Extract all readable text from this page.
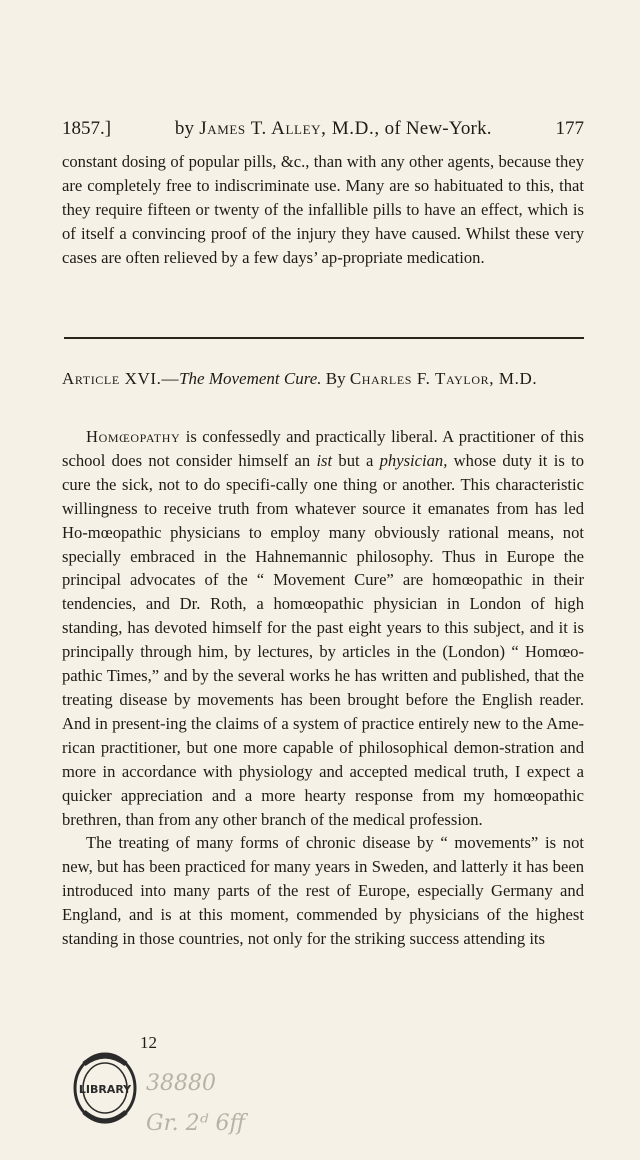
1857.]	by James T. Alley, M.D., of New-York.	177

constant dosing of popular pills, &c., than with any other agents, because they are completely free to indiscriminate use. Many are so habituated to this, that they require fifteen or twenty of the infallible pills to have an effect, which is of itself a convincing proof of the injury they have caused. Whilst these very cases are often relieved by a few days’ ap-propriate medication.

Article XVI.—The Movement Cure. By Charles F. Taylor, M.D.

Homœopathy is confessedly and practically liberal. A practitioner of this school does not consider himself an ist but a physician, whose duty it is to cure the sick, not to do specifi-cally one thing or another. This characteristic willingness to receive truth from whatever source it emanates from has led Ho-mœopathic physicians to employ many obviously rational means, not specially embraced in the Hahnemannic philosophy. Thus in Europe the principal advocates of the “ Movement Cure” are homœopathic in their tendencies, and Dr. Roth, a homœopathic physician in London of high standing, has devoted himself for the past eight years to this subject, and it is principally through him, by lectures, by articles in the (London) “ Homœo-pathic Times,” and by the several works he has written and published, that the treating disease by movements has been brought before the English reader. And in present-ing the claims of a system of practice entirely new to the Ame-rican practitioner, but one more capable of philosophical demon-stration and more in accordance with physiology and accepted medical truth, I expect a quicker appreciation and a more hearty response from my homœopathic brethren, than from any other branch of the medical profession.

The treating of many forms of chronic disease by “ movements” is not new, but has been practiced for many years in Sweden, and latterly it has been introduced into many parts of the rest of Europe, especially Germany and England, and is at this moment, commended by physicians of the highest standing in those countries, not only for the striking success attending its

12
LIBRARY 38880
Gr. 2ᵈ 6ff
